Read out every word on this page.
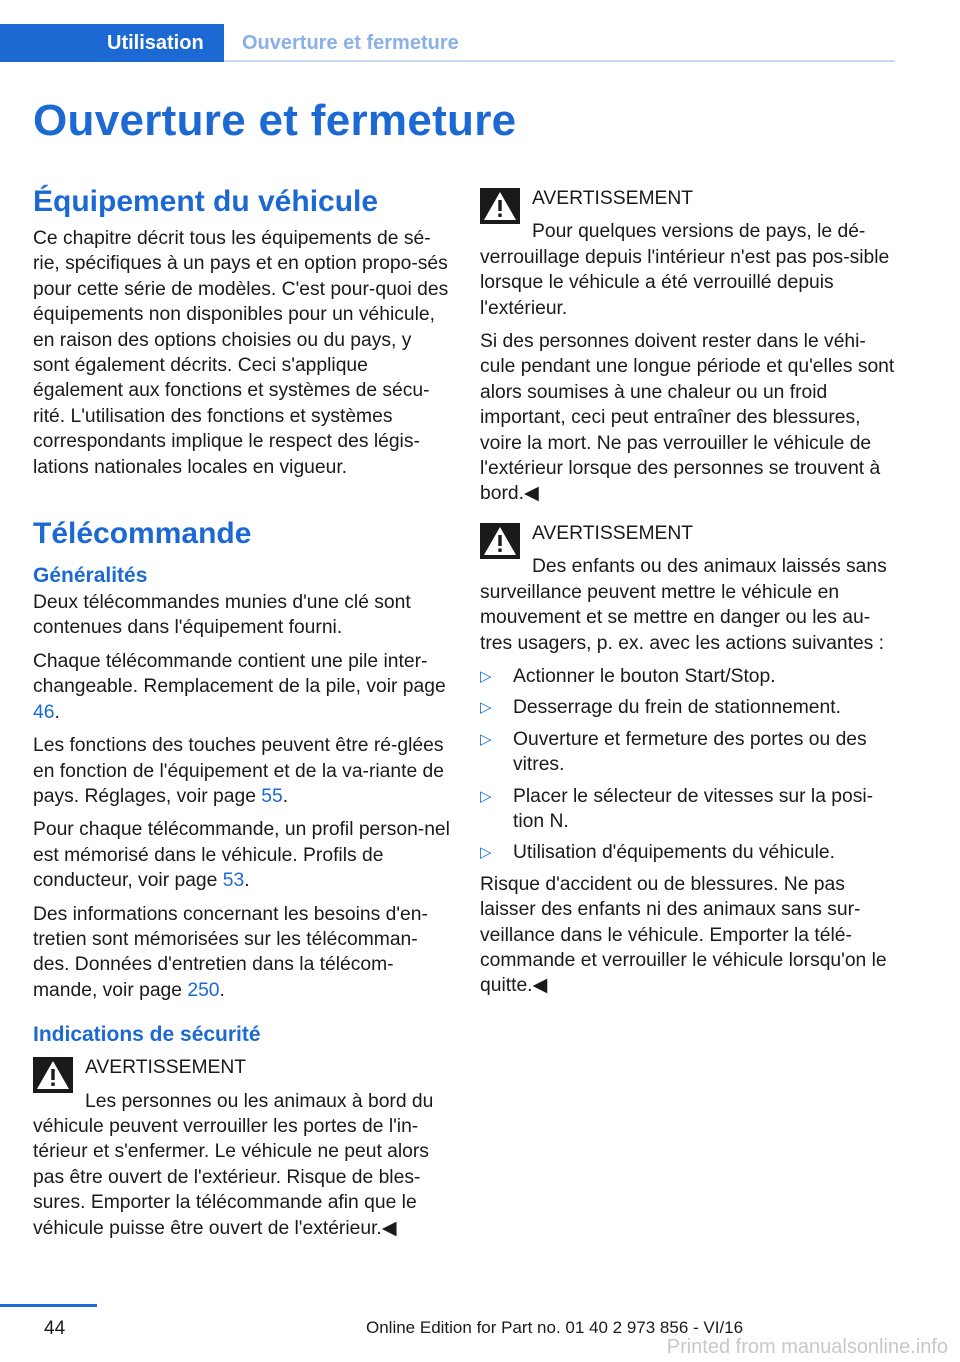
Utilisation	Ouverture et fermeture
Ouverture et fermeture
Équipement du véhicule

Ce chapitre décrit tous les équipements de sé-rie, spécifiques à un pays et en option propo-sés pour cette série de modèles. C'est pour-quoi des équipements non disponibles pour un véhicule, en raison des options choisies ou du pays, y sont également décrits. Ceci s'applique également aux fonctions et systèmes de sécu-rité. L'utilisation des fonctions et systèmes correspondants implique le respect des légis-lations nationales locales en vigueur.

Télécommande
Généralités

Deux télécommandes munies d'une clé sont contenues dans l'équipement fourni.

Chaque télécommande contient une pile inter-changeable. Remplacement de la pile, voir page 46.

Les fonctions des touches peuvent être ré-glées en fonction de l'équipement et de la va-riante de pays. Réglages, voir page 55.

Pour chaque télécommande, un profil person-nel est mémorisé dans le véhicule. Profils de conducteur, voir page 53.

Des informations concernant les besoins d'en-tretien sont mémorisées sur les télécomman-des. Données d'entretien dans la télécom-mande, voir page 250.

Indications de sécurité
AVERTISSEMENT
Les personnes ou les animaux à bord du

véhicule peuvent verrouiller les portes de l'in-térieur et s'enfermer. Le véhicule ne peut alors pas être ouvert de l'extérieur. Risque de bles-sures. Emporter la télécommande afin que le véhicule puisse être ouvert de l'extérieur.◀

AVERTISSEMENT
Pour quelques versions de pays, le dé-

verrouillage depuis l'intérieur n'est pas pos-sible lorsque le véhicule a été verrouillé depuis l'extérieur.

Si des personnes doivent rester dans le véhi-cule pendant une longue période et qu'elles sont alors soumises à une chaleur ou un froid important, ceci peut entraîner des blessures, voire la mort. Ne pas verrouiller le véhicule de l'extérieur lorsque des personnes se trouvent à bord.◀

AVERTISSEMENT
Des enfants ou des animaux laissés sans

surveillance peuvent mettre le véhicule en mouvement et se mettre en danger ou les au-tres usagers, p. ex. avec les actions suivantes :

▷	Actionner le bouton Start/Stop.
▷	Desserrage du frein de stationnement.
▷	Ouverture et fermeture des portes ou des vitres.
▷	Placer le sélecteur de vitesses sur la posi-tion N.
▷	Utilisation d'équipements du véhicule.

Risque d'accident ou de blessures. Ne pas laisser des enfants ni des animaux sans sur-veillance dans le véhicule. Emporter la télé-commande et verrouiller le véhicule lorsqu'on le quitte.◀

44	Online Edition for Part no. 01 40 2 973 856 - VI/16
Printed from manualsonline.info
